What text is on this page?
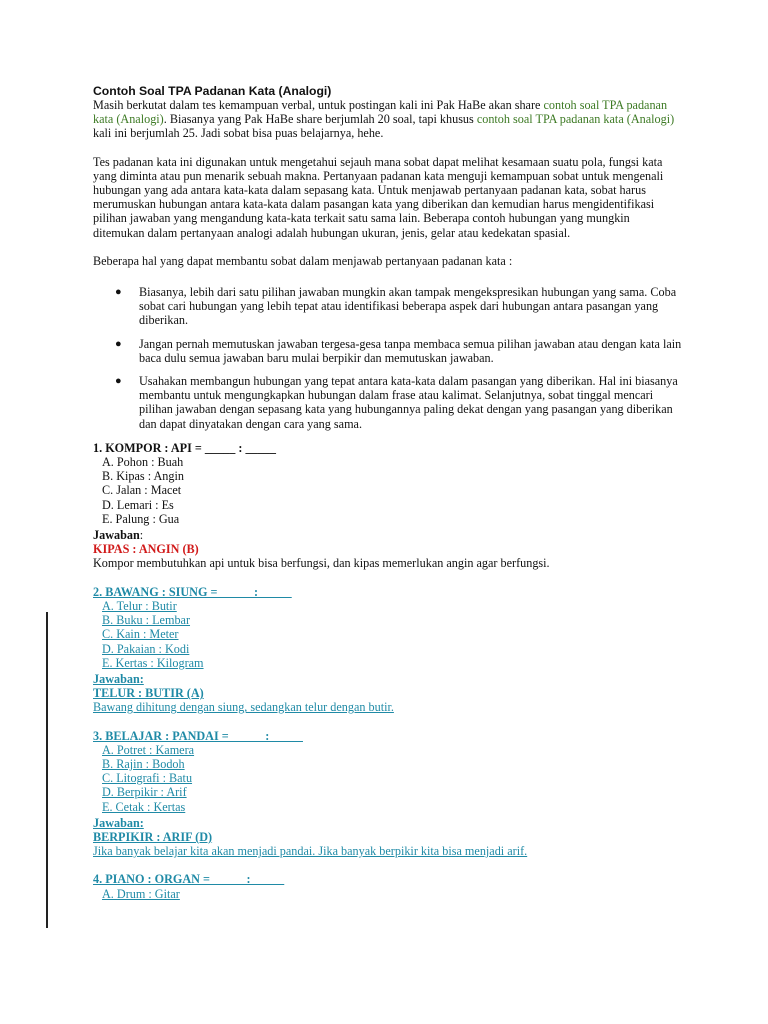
Contoh Soal TPA Padanan Kata (Analogi)

Masih berkutat dalam tes kemampuan verbal, untuk postingan kali ini Pak HaBe akan share contoh soal TPA padanan kata (Analogi). Biasanya yang Pak HaBe share berjumlah 20 soal, tapi khusus contoh soal TPA padanan kata (Analogi) kali ini berjumlah 25. Jadi sobat bisa puas belajarnya, hehe.

Tes padanan kata ini digunakan untuk mengetahui sejauh mana sobat dapat melihat kesamaan suatu pola, fungsi kata yang diminta atau pun menarik sebuah makna. Pertanyaan padanan kata menguji kemampuan sobat untuk mengenali hubungan yang ada antara kata-kata dalam sepasang kata. Untuk menjawab pertanyaan padanan kata, sobat harus merumuskan hubungan antara kata-kata dalam pasangan kata yang diberikan dan kemudian harus mengidentifikasi pilihan jawaban yang mengandung kata-kata terkait satu sama lain. Beberapa contoh hubungan yang mungkin ditemukan dalam pertanyaan analogi adalah hubungan ukuran, jenis, gelar atau kedekatan spasial.

Beberapa hal yang dapat membantu sobat dalam menjawab pertanyaan padanan kata :

● Biasanya, lebih dari satu pilihan jawaban mungkin akan tampak mengekspresikan hubungan yang sama. Coba sobat cari hubungan yang lebih tepat atau identifikasi beberapa aspek dari hubungan antara pasangan yang diberikan.
● Jangan pernah memutuskan jawaban tergesa-gesa tanpa membaca semua pilihan jawaban atau dengan kata lain baca dulu semua jawaban baru mulai berpikir dan memutuskan jawaban.
● Usahakan membangun hubungan yang tepat antara kata-kata dalam pasangan yang diberikan. Hal ini biasanya membantu untuk mengungkapkan hubungan dalam frase atau kalimat. Selanjutnya, sobat tinggal mencari pilihan jawaban dengan sepasang kata yang hubungannya paling dekat dengan yang pasangan yang diberikan dan dapat dinyatakan dengan cara yang sama.
1. KOMPOR : API = _____ : _____
A. Pohon : Buah
B. Kipas : Angin
C. Jalan : Macet
D. Lemari : Es
E. Palung : Gua
Jawaban:
KIPAS : ANGIN (B)
Kompor membutuhkan api untuk bisa berfungsi, dan kipas memerlukan angin agar berfungsi.
2. BAWANG : SIUNG = _____ : _____
A. Telur : Butir
B. Buku : Lembar
C. Kain : Meter
D. Pakaian : Kodi
E. Kertas : Kilogram
Jawaban:
TELUR : BUTIR (A)
Bawang dihitung dengan siung, sedangkan telur dengan butir.
3. BELAJAR : PANDAI = _____ : _____
A. Potret : Kamera
B. Rajin : Bodoh
C. Litografi : Batu
D. Berpikir : Arif
E. Cetak : Kertas
Jawaban:
BERPIKIR : ARIF (D)
Jika banyak belajar kita akan menjadi pandai. Jika banyak berpikir kita bisa menjadi arif.
4. PIANO : ORGAN = _____ : _____
A. Drum : Gitar
